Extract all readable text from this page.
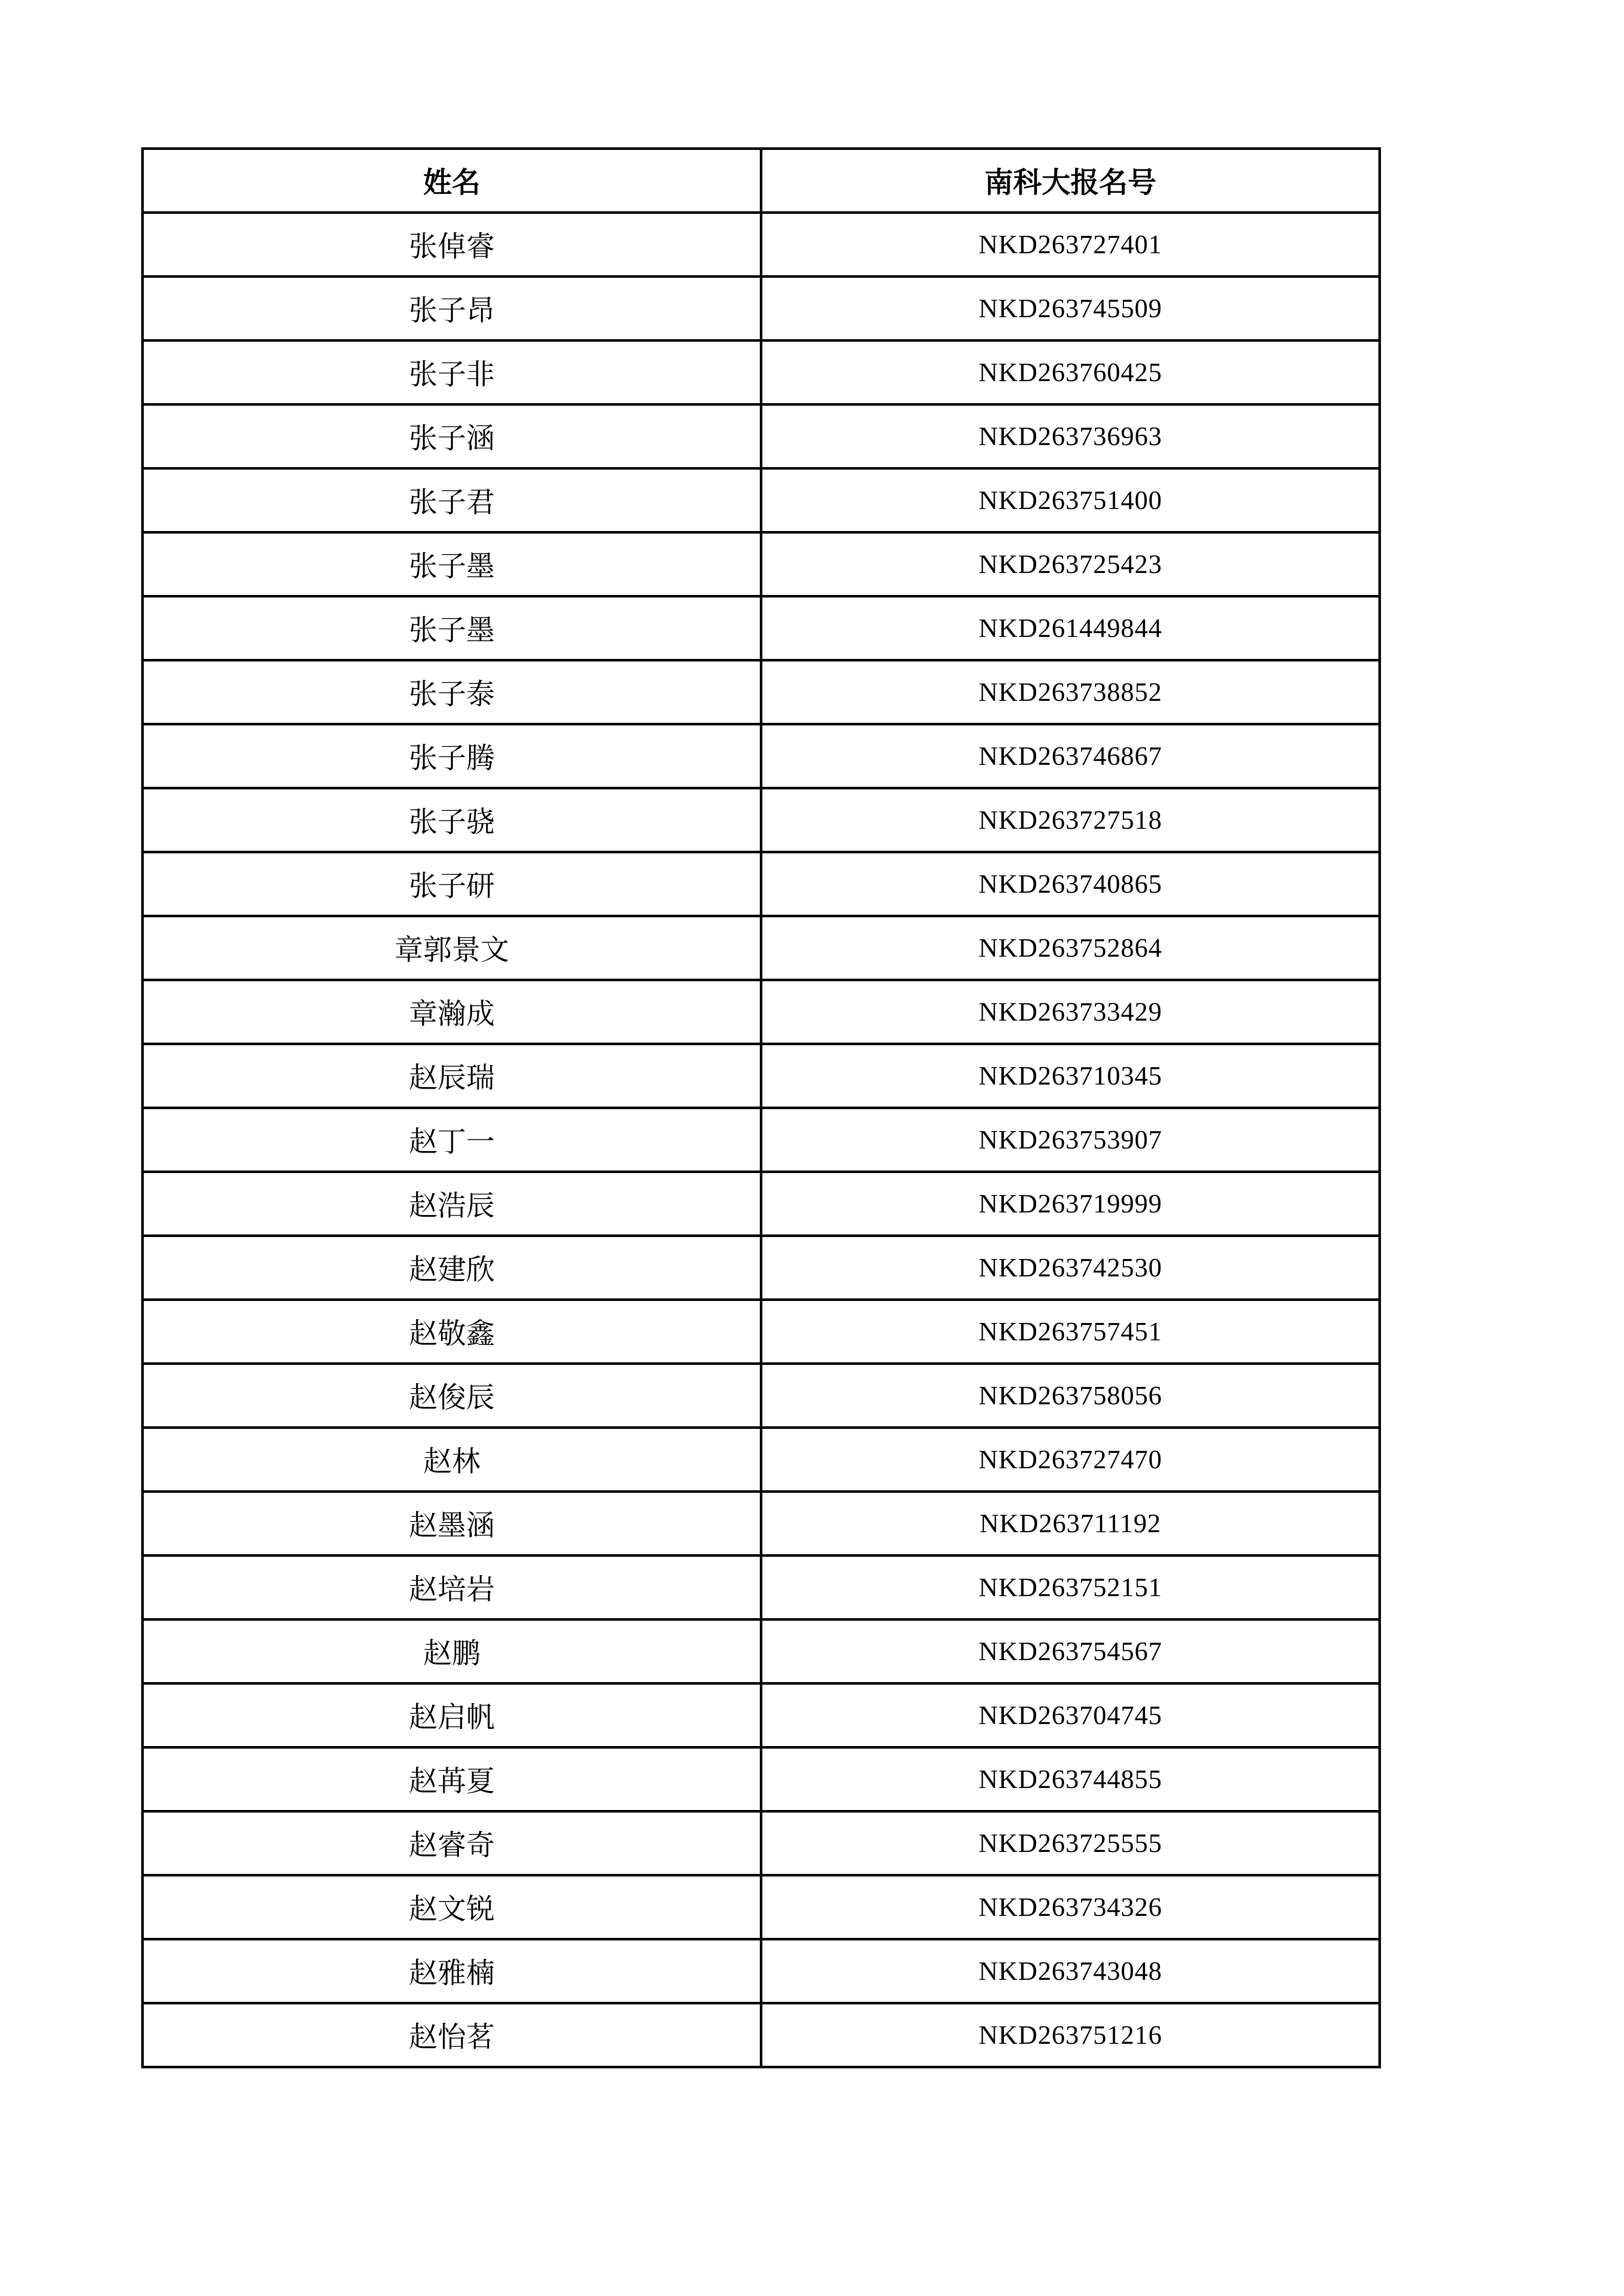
姓名	南科大报名号
张倬睿	NKD263727401
张子昂	NKD263745509
张子非	NKD263760425
张子涵	NKD263736963
张子君	NKD263751400
张子墨	NKD263725423
张子墨	NKD261449844
张子泰	NKD263738852
张子腾	NKD263746867
张子骁	NKD263727518
张子研	NKD263740865
章郭景文	NKD263752864
章瀚成	NKD263733429
赵辰瑞	NKD263710345
赵丁一	NKD263753907
赵浩辰	NKD263719999
赵建欣	NKD263742530
赵敬鑫	NKD263757451
赵俊辰	NKD263758056
赵林	NKD263727470
赵墨涵	NKD263711192
赵培岩	NKD263752151
赵鹏	NKD263754567
赵启帆	NKD263704745
赵苒夏	NKD263744855
赵睿奇	NKD263725555
赵文锐	NKD263734326
赵雅楠	NKD263743048
赵怡茗	NKD263751216
